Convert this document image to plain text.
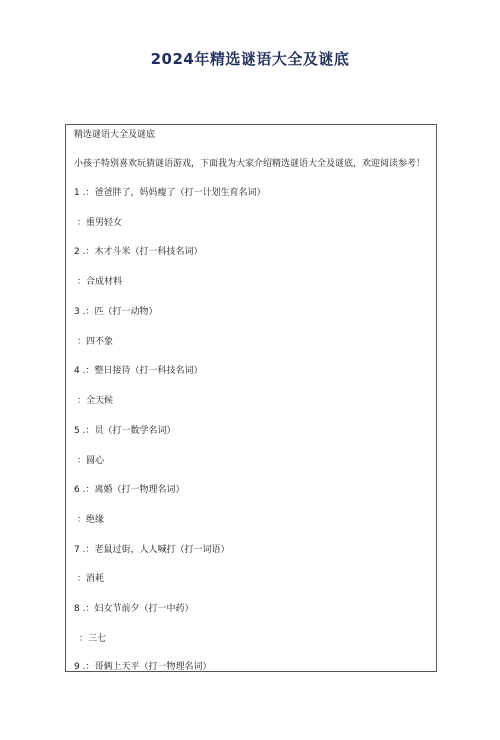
2024年精选谜语大全及谜底
精选谜语大全及谜底
小孩子特别喜欢玩猜谜语游戏，下面我为大家介绍精选谜语大全及谜底，欢迎阅读参考！
1 .：爸爸胖了，妈妈瘦了（打一计划生育名词）
：重男轻女
2 .：木才斗米（打一科技名词）
：合成材料
3 .：匹（打一动物）
：四不象
4 .：整日接待（打一科技名词）
：全天候
5 .：员（打一数学名词）
：圆心
6 .：离婚（打一物理名词）
：绝缘
7 .：老鼠过街，人人喊打（打一词语）
：消耗
8 .：妇女节前夕（打一中药）
：三七
9 .：哥俩上天平（打一物理名词）
